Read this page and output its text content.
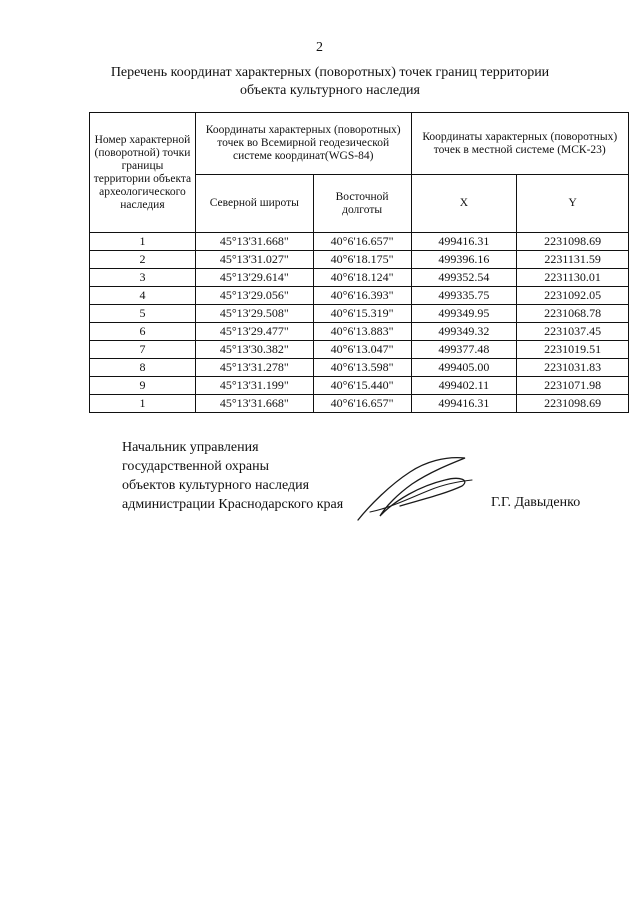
2
Перечень координат характерных (поворотных) точек границ территории
объекта культурного наследия
Номер характерной (поворотной) точки границы территории объекта археологического наследия	Координаты характерных (поворотных) точек во Всемирной геодезической системе координат(WGS-84)		Координаты характерных (поворотных) точек в местной системе (МСК-23)	
	Северной широты	Восточной долготы	X	Y
1	45°13'31.668"	40°6'16.657"	499416.31	2231098.69
2	45°13'31.027"	40°6'18.175"	499396.16	2231131.59
3	45°13'29.614"	40°6'18.124"	499352.54	2231130.01
4	45°13'29.056"	40°6'16.393"	499335.75	2231092.05
5	45°13'29.508"	40°6'15.319"	499349.95	2231068.78
6	45°13'29.477"	40°6'13.883"	499349.32	2231037.45
7	45°13'30.382"	40°6'13.047"	499377.48	2231019.51
8	45°13'31.278"	40°6'13.598"	499405.00	2231031.83
9	45°13'31.199"	40°6'15.440"	499402.11	2231071.98
1	45°13'31.668"	40°6'16.657"	499416.31	2231098.69
Начальник управления
государственной охраны
объектов культурного наследия
администрации Краснодарского края	Г.Г. Давыденко
